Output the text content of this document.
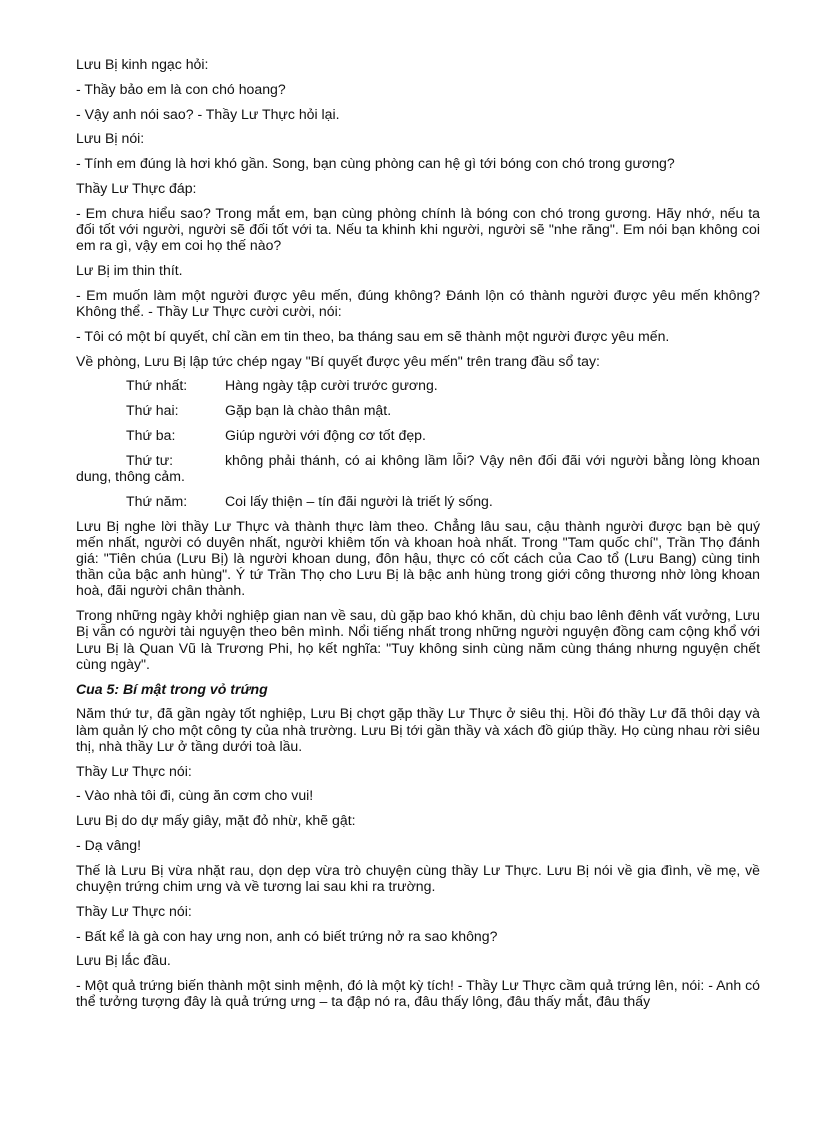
Lưu Bị kinh ngạc hỏi:
- Thầy bảo em là con chó hoang?
- Vậy anh nói sao? - Thầy Lư Thực hỏi lại.
Lưu Bị nói:
- Tính em đúng là hơi khó gần. Song, bạn cùng phòng can hệ gì tới bóng con chó trong gương?
Thầy Lư Thực đáp:
- Em chưa hiểu sao? Trong mắt em, bạn cùng phòng chính là bóng con chó trong gương. Hãy nhớ, nếu ta đối tốt với người, người sẽ đối tốt với ta. Nếu ta khinh khi người, người sẽ "nhe răng". Em nói bạn không coi em ra gì, vậy em coi họ thế nào?
Lư Bị im thin thít.
- Em muốn làm một người được yêu mến, đúng không? Đánh lộn có thành người được yêu mến không? Không thể. - Thầy Lư Thực cười cười, nói:
- Tôi có một bí quyết, chỉ cần em tin theo, ba tháng sau em sẽ thành một người được yêu mến.
Về phòng, Lưu Bị lập tức chép ngay "Bí quyết được yêu mến" trên trang đầu sổ tay:
Thứ nhất:	Hàng ngày tập cười trước gương.
Thứ hai:	Gặp bạn là chào thân mật.
Thứ ba:	Giúp người với động cơ tốt đẹp.
Thứ tư:	không phải thánh, có ai không lầm lỗi? Vậy nên đối đãi với người bằng lòng khoan dung, thông cảm.
Thứ năm:	Coi lấy thiện – tín đãi người là triết lý sống.
Lưu Bị nghe lời thầy Lư Thực và thành thực làm theo. Chẳng lâu sau, cậu thành người được bạn bè quý mến nhất, người có duyên nhất, người khiêm tốn và khoan hoà nhất. Trong "Tam quốc chí", Trần Thọ đánh giá: "Tiên chúa (Lưu Bị) là người khoan dung, đôn hậu, thực có cốt cách của Cao tổ (Lưu Bang) cùng tinh thần của bậc anh hùng". Ý tứ Trần Thọ cho Lưu Bị là bậc anh hùng trong giới công thương nhờ lòng khoan hoà, đãi người chân thành.
Trong những ngày khởi nghiệp gian nan về sau, dù gặp bao khó khăn, dù chịu bao lênh đênh vất vưởng, Lưu Bị vẫn có người tài nguyện theo bên mình. Nổi tiếng nhất trong những người nguyện đồng cam cộng khổ với Lưu Bị là Quan Vũ là Trương Phi, họ kết nghĩa: "Tuy không sinh cùng năm cùng tháng nhưng nguyện chết cùng ngày".
Cua 5: Bí mật trong vỏ trứng
Năm thứ tư, đã gần ngày tốt nghiệp, Lưu Bị chợt gặp thầy Lư Thực ở siêu thị. Hồi đó thầy Lư đã thôi dạy và làm quản lý cho một công ty của nhà trường. Lưu Bị tới gần thầy và xách đồ giúp thầy. Họ cùng nhau rời siêu thị, nhà thầy Lư ở tầng dưới toà lầu.
Thầy Lư Thực nói:
- Vào nhà tôi đi, cùng ăn cơm cho vui!
Lưu Bị do dự mấy giây, mặt đỏ nhừ, khẽ gật:
- Dạ vâng!
Thế là Lưu Bị vừa nhặt rau, dọn dẹp vừa trò chuyện cùng thầy Lư Thực. Lưu Bị nói về gia đình, về mẹ, về chuyện trứng chim ưng và về tương lai sau khi ra trường.
Thầy Lư Thực nói:
- Bất kể là gà con hay ưng non, anh có biết trứng nở ra sao không?
Lưu Bị lắc đầu.
- Một quả trứng biến thành một sinh mệnh, đó là một kỳ tích! - Thầy Lư Thực cầm quả trứng lên, nói: - Anh có thể tưởng tượng đây là quả trứng ưng – ta đập nó ra, đâu thấy lông, đâu thấy mắt, đâu thấy
